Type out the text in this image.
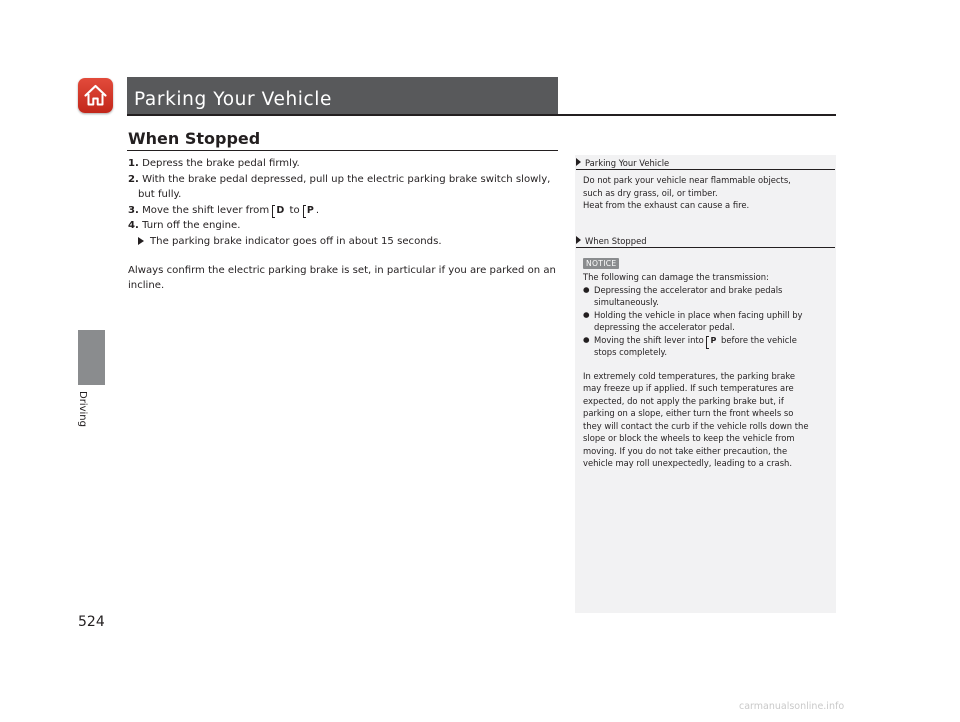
Parking Your Vehicle
Driving
When Stopped
1. Depress the brake pedal firmly.
2. With the brake pedal depressed, pull up the electric parking brake switch slowly,
but fully.
3. Move the shift lever from D to P .
4. Turn off the engine.
The parking brake indicator goes off in about 15 seconds.
Always confirm the electric parking brake is set, in particular if you are parked on an incline.
Parking Your Vehicle
Do not park your vehicle near flammable objects,
such as dry grass, oil, or timber.
Heat from the exhaust can cause a fire.
When Stopped
NOTICE
The following can damage the transmission:
● Depressing the accelerator and brake pedals
simultaneously.
● Holding the vehicle in place when facing uphill by
depressing the accelerator pedal.
● Moving the shift lever into P before the vehicle
stops completely.
In extremely cold temperatures, the parking brake
may freeze up if applied. If such temperatures are
expected, do not apply the parking brake but, if
parking on a slope, either turn the front wheels so
they will contact the curb if the vehicle rolls down the
slope or block the wheels to keep the vehicle from
moving. If you do not take either precaution, the
vehicle may roll unexpectedly, leading to a crash.
524
carmanualsonline.info
